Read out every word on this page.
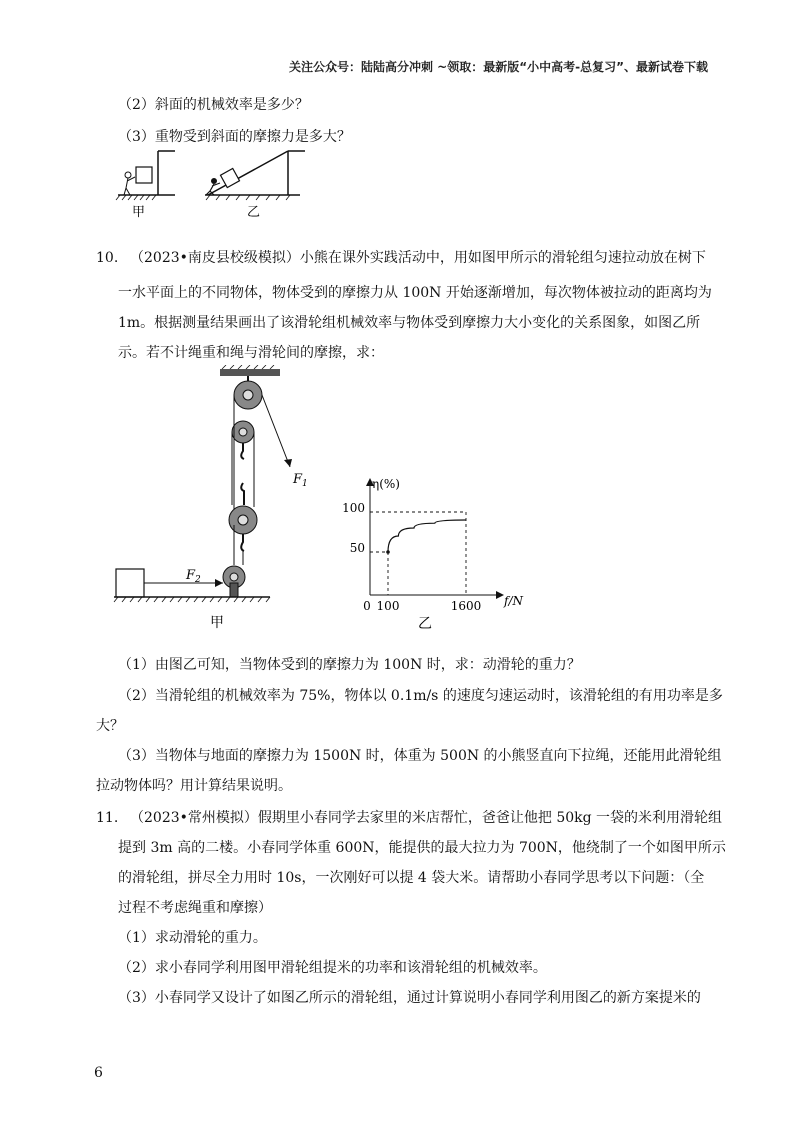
关注公众号：陆陆高分冲刺 ~领取：最新版“小中高考-总复习”、最新试卷下载
（2）斜面的机械效率是多少？
（3）重物受到斜面的摩擦力是多大？
甲	乙
10. （2023•南皮县校级模拟）小熊在课外实践活动中，用如图甲所示的滑轮组匀速拉动放在树下
一水平面上的不同物体，物体受到的摩擦力从 100N 开始逐渐增加，每次物体被拉动的距离均为
1m。根据测量结果画出了该滑轮组机械效率与物体受到摩擦力大小变化的关系图象，如图乙所
示。若不计绳重和绳与滑轮间的摩擦，求：
$F_1$
$F_2$
甲
η(%)
f/N
0 100	1600
50
100
乙
（1）由图乙可知，当物体受到的摩擦力为 100N 时，求：动滑轮的重力？
（2）当滑轮组的机械效率为 75%，物体以 0.1m/s 的速度匀速运动时，该滑轮组的有用功率是多
大？
（3）当物体与地面的摩擦力为 1500N 时，体重为 500N 的小熊竖直向下拉绳，还能用此滑轮组
拉动物体吗？用计算结果说明。
11. （2023•常州模拟）假期里小春同学去家里的米店帮忙，爸爸让他把 50kg 一袋的米利用滑轮组
提到 3m 高的二楼。小春同学体重 600N，能提供的最大拉力为 700N，他绕制了一个如图甲所示
的滑轮组，拼尽全力用时 10s，一次刚好可以提 4 袋大米。请帮助小春同学思考以下问题：（全
过程不考虑绳重和摩擦）
（1）求动滑轮的重力。
（2）求小春同学利用图甲滑轮组提米的功率和该滑轮组的机械效率。
（3）小春同学又设计了如图乙所示的滑轮组，通过计算说明小春同学利用图乙的新方案提米的
6
